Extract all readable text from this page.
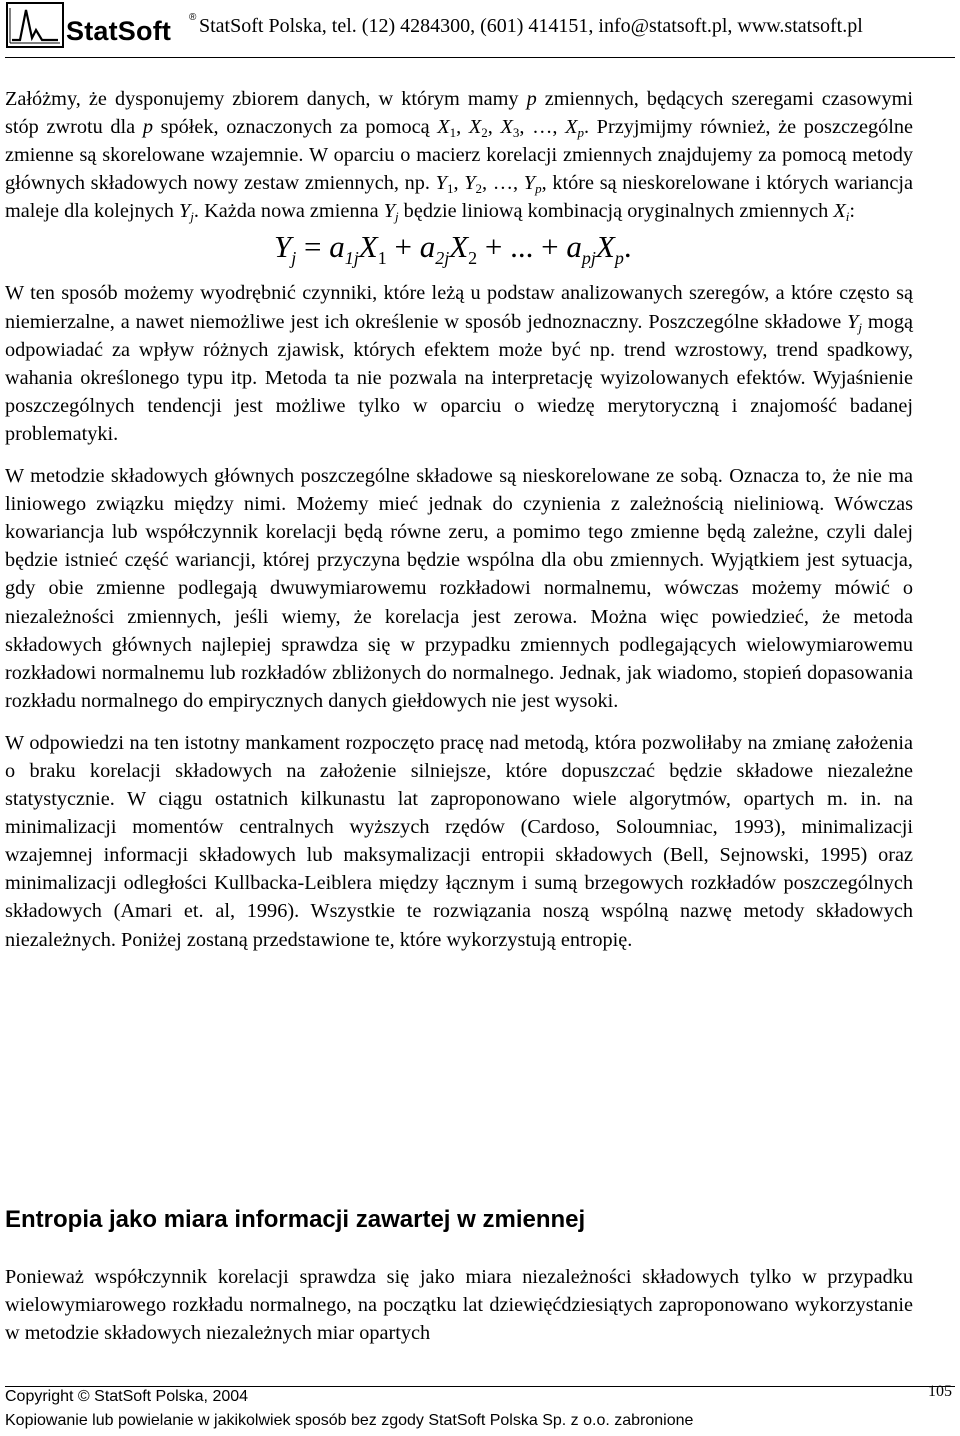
StatSoft ® StatSoft Polska, tel. (12) 4284300, (601) 414151, info@statsoft.pl, www.statsoft.pl

Załóżmy, że dysponujemy zbiorem danych, w którym mamy p zmiennych, będących szeregami czasowymi stóp zwrotu dla p spółek, oznaczonych za pomocą $X_1$, $X_2$, $X_3$, …, $X_p$. Przyjmijmy również, że poszczególne zmienne są skorelowane wzajemnie. W oparciu o macierz korelacji zmiennych znajdujemy za pomocą metody głównych składowych nowy zestaw zmiennych, np. $Y_1$, $Y_2$, …, $Y_p$, które są nieskorelowane i których wariancja maleje dla kolejnych $Y_j$. Każda nowa zmienna $Y_j$ będzie liniową kombinacją oryginalnych zmiennych $X_i$:

$Y_j = a_{1j}X_1 + a_{2j}X_2$ + ... + $a_{pj}X_p$.

W ten sposób możemy wyodrębnić czynniki, które leżą u podstaw analizowanych szeregów, a które często są niemierzalne, a nawet niemożliwe jest ich określenie w sposób jednoznaczny. Poszczególne składowe $Y_j$ mogą odpowiadać za wpływ różnych zjawisk, których efektem może być np. trend wzrostowy, trend spadkowy, wahania określonego typu itp. Metoda ta nie pozwala na interpretację wyizolowanych efektów. Wyjaśnienie poszczególnych tendencji jest możliwe tylko w oparciu o wiedzę merytoryczną i znajomość badanej problematyki.

W metodzie składowych głównych poszczególne składowe są nieskorelowane ze sobą. Oznacza to, że nie ma liniowego związku między nimi. Możemy mieć jednak do czynienia z zależnością nieliniową. Wówczas kowariancja lub współczynnik korelacji będą równe zeru, a pomimo tego zmienne będą zależne, czyli dalej będzie istnieć część wariancji, której przyczyna będzie wspólna dla obu zmiennych. Wyjątkiem jest sytuacja, gdy obie zmienne podlegają dwuwymiarowemu rozkładowi normalnemu, wówczas możemy mówić o niezależności zmiennych, jeśli wiemy, że korelacja jest zerowa. Można więc powiedzieć, że metoda składowych głównych najlepiej sprawdza się w przypadku zmiennych podlegających wielowymiarowemu rozkładowi normalnemu lub rozkładów zbliżonych do normalnego. Jednak, jak wiadomo, stopień dopasowania rozkładu normalnego do empirycznych danych giełdowych nie jest wysoki.

W odpowiedzi na ten istotny mankament rozpoczęto pracę nad metodą, która pozwoliłaby na zmianę założenia o braku korelacji składowych na założenie silniejsze, które dopuszczać będzie składowe niezależne statystycznie. W ciągu ostatnich kilkunastu lat zaproponowano wiele algorytmów, opartych m. in. na minimalizacji momentów centralnych wyższych rzędów (Cardoso, Soloumniac, 1993), minimalizacji wzajemnej informacji składowych lub maksymalizacji entropii składowych (Bell, Sejnowski, 1995) oraz minimalizacji odległości Kullbacka-Leiblera między łącznym i sumą brzegowych rozkładów poszczególnych składowych (Amari et. al, 1996). Wszystkie te rozwiązania noszą wspólną nazwę metody składowych niezależnych. Poniżej zostaną przedstawione te, które wykorzystują entropię.

Entropia jako miara informacji zawartej w zmiennej

Ponieważ współczynnik korelacji sprawdza się jako miara niezależności składowych tylko w przypadku wielowymiarowego rozkładu normalnego, na początku lat dziewięćdziesiątych zaproponowano wykorzystanie w metodzie składowych niezależnych miar opartych

Copyright © StatSoft Polska, 2004
Kopiowanie lub powielanie w jakikolwiek sposób bez zgody StatSoft Polska Sp. z o.o. zabronione
105
